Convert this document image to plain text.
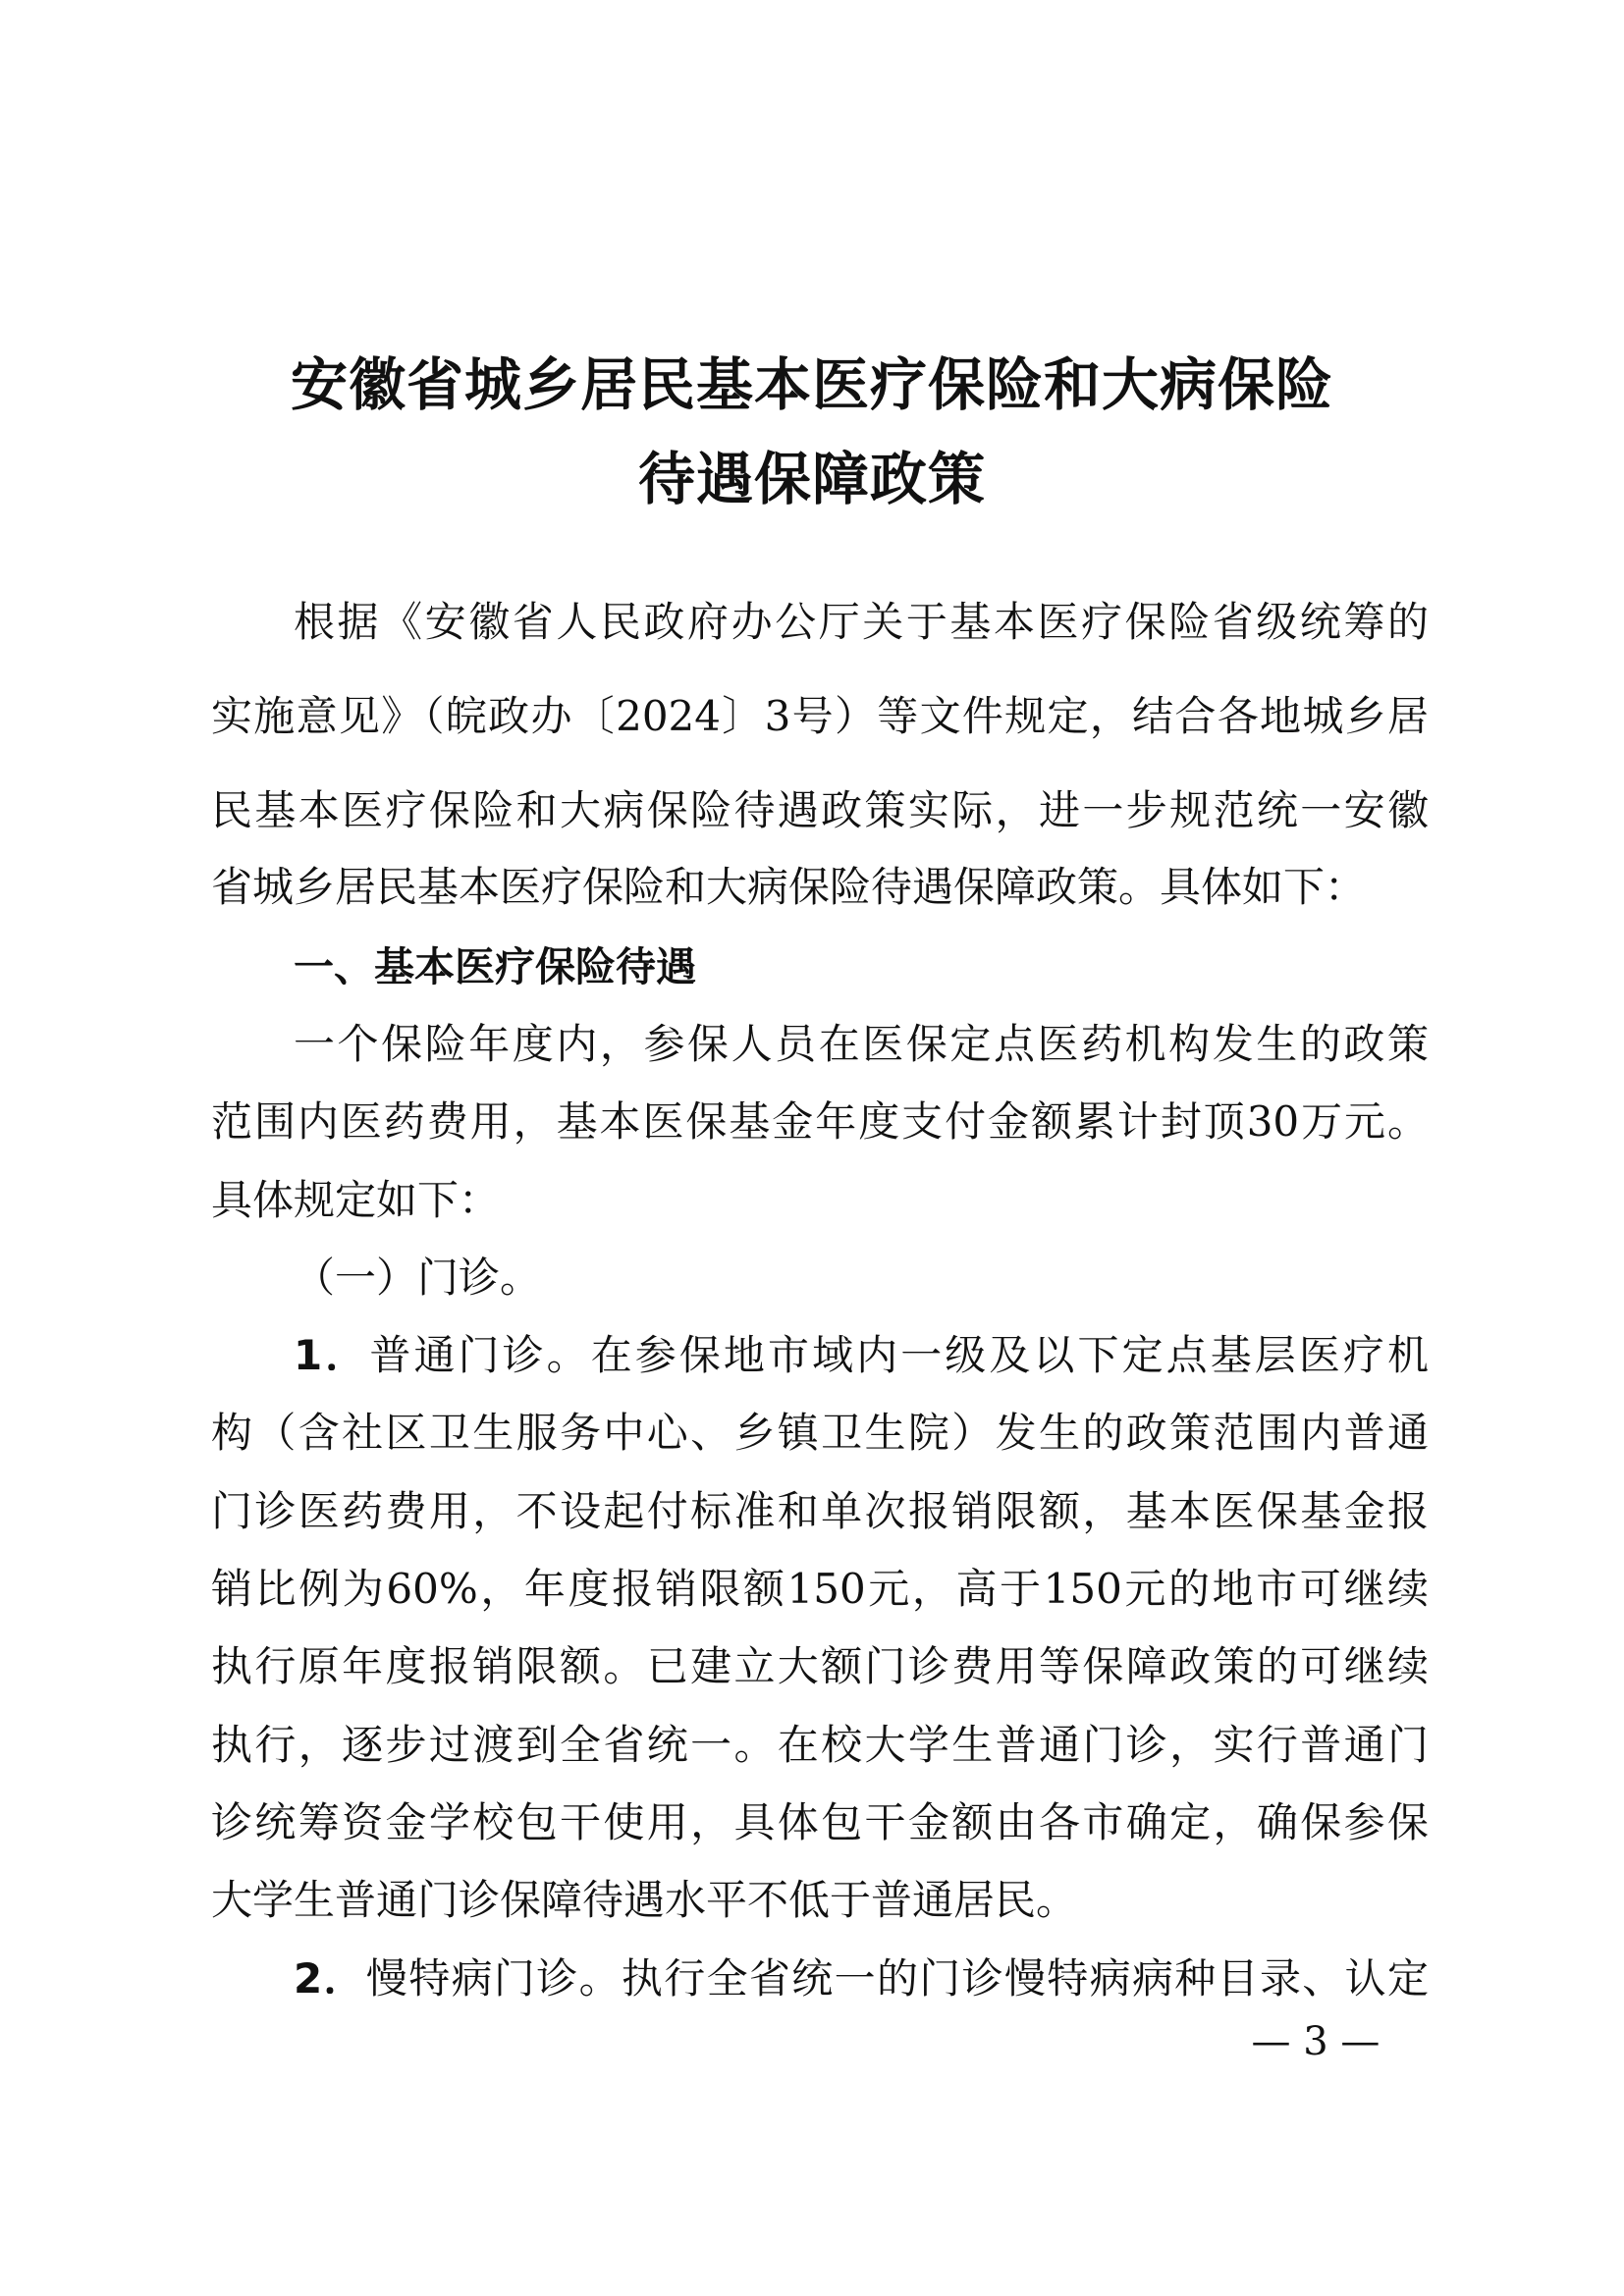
安徽省城乡居民基本医疗保险和大病保险
待遇保障政策
根据《安徽省人民政府办公厅关于基本医疗保险省级统筹的
实施意见》（皖政办〔2024〕3号）等文件规定，结合各地城乡居
民基本医疗保险和大病保险待遇政策实际，进一步规范统一安徽
省城乡居民基本医疗保险和大病保险待遇保障政策。具体如下：
一、基本医疗保险待遇
一个保险年度内，参保人员在医保定点医药机构发生的政策
范围内医药费用，基本医保基金年度支付金额累计封顶30万元。
具体规定如下：
（一）门诊。
1．普通门诊。在参保地市域内一级及以下定点基层医疗机
构（含社区卫生服务中心、乡镇卫生院）发生的政策范围内普通
门诊医药费用，不设起付标准和单次报销限额，基本医保基金报
销比例为60%，年度报销限额150元，高于150元的地市可继续
执行原年度报销限额。已建立大额门诊费用等保障政策的可继续
执行，逐步过渡到全省统一。在校大学生普通门诊，实行普通门
诊统筹资金学校包干使用，具体包干金额由各市确定，确保参保
大学生普通门诊保障待遇水平不低于普通居民。
2．慢特病门诊。执行全省统一的门诊慢特病病种目录、认定
— 3 —
